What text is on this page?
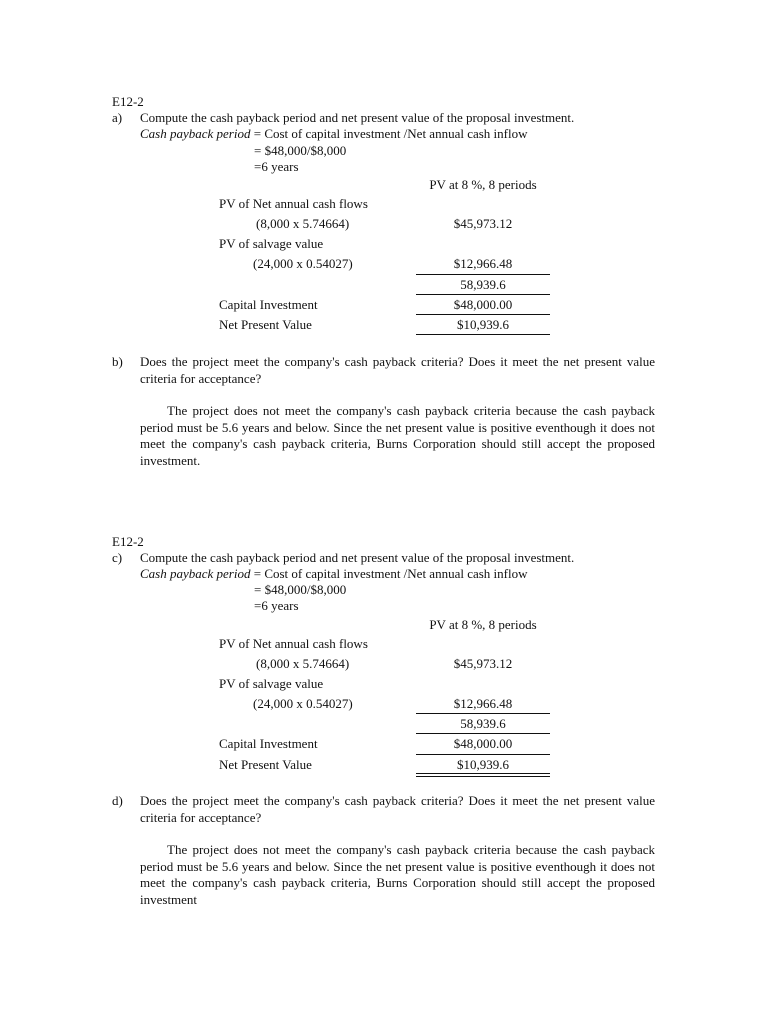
E12-2
a) Compute the cash payback period and net present value of the proposal investment.
Cash payback period = Cost of capital investment /Net annual cash inflow
= $48,000/$8,000
=6 years
PV at 8 %, 8 periods
PV of Net annual cash flows
(8,000 x 5.74664)	$45,973.12
PV of salvage value
(24,000 x 0.54027)	$12,966.48
58,939.6
Capital Investment	$48,000.00
Net Present Value	$10,939.6
b) Does the project meet the company's cash payback criteria? Does it meet the net present value criteria for acceptance?
The project does not meet the company's cash payback criteria because the cash payback period must be 5.6 years and below. Since the net present value is positive eventhough it does not meet the company's cash payback criteria, Burns Corporation should still accept the proposed investment.
E12-2
c) Compute the cash payback period and net present value of the proposal investment.
Cash payback period = Cost of capital investment /Net annual cash inflow
= $48,000/$8,000
=6 years
PV at 8 %, 8 periods
PV of Net annual cash flows
(8,000 x 5.74664)	$45,973.12
PV of salvage value
(24,000 x 0.54027)	$12,966.48
58,939.6
Capital Investment	$48,000.00
Net Present Value	$10,939.6
d) Does the project meet the company's cash payback criteria? Does it meet the net present value criteria for acceptance?
The project does not meet the company's cash payback criteria because the cash payback period must be 5.6 years and below. Since the net present value is positive eventhough it does not meet the company's cash payback criteria, Burns Corporation should still accept the proposed investment
